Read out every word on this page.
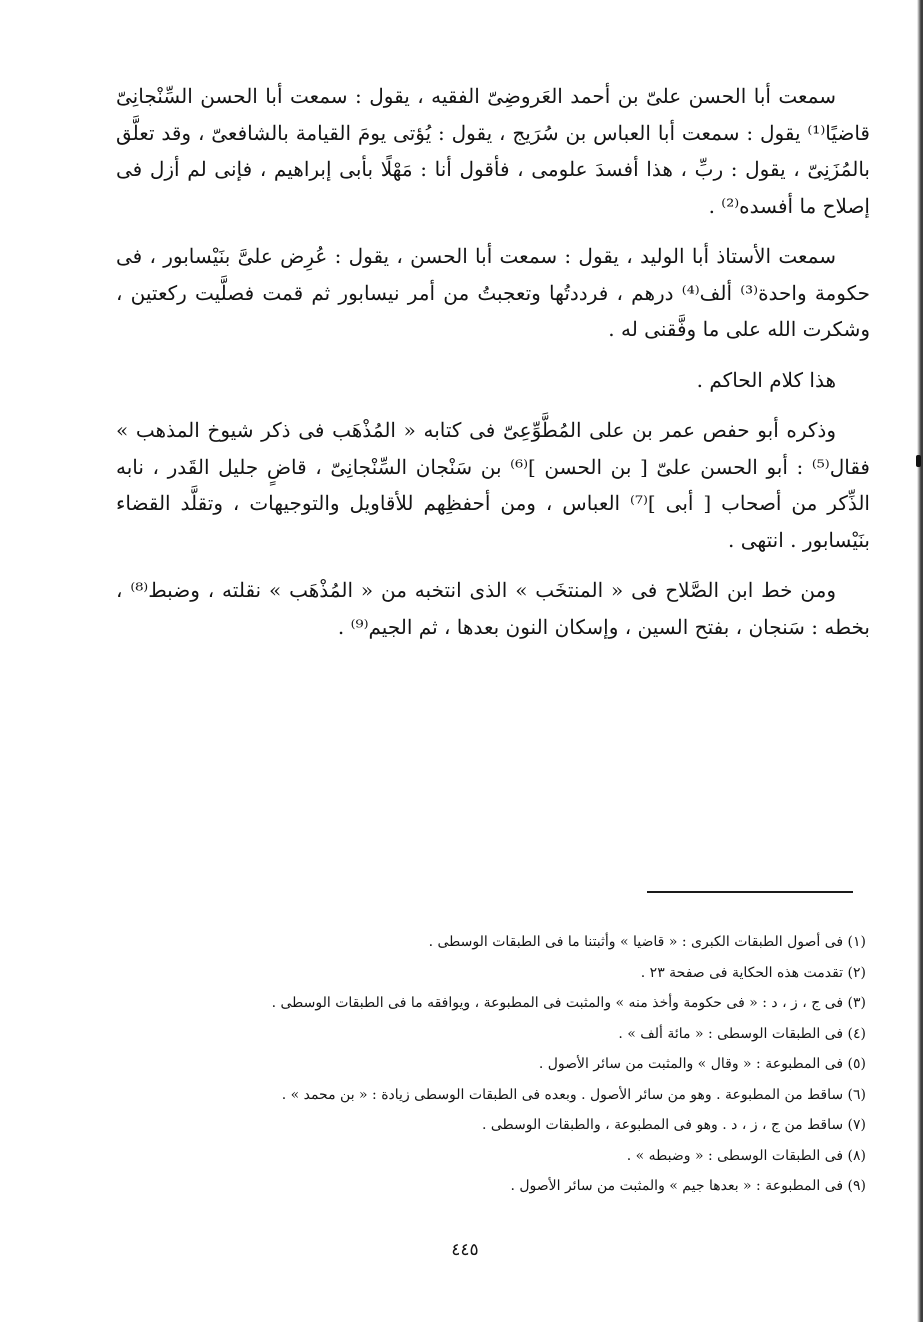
سمعت أبا الحسن علىّ بن أحمد العَروضِىّ الفقيه ، يقول : سمعت أبا الحسن السِّنْجانِىّ قاضيًا⁽¹⁾ يقول : سمعت أبا العباس بن سُرَيج ، يقول : يُؤتى يومَ القيامة بالشافعىّ ، وقد تعلَّق بالمُزَنِىّ ، يقول : ربِّ ، هذا أفسدَ علومى ، فأقول أنا : مَهْلًا بأبى إبراهيم ، فإنى لم أزل فى إصلاح ما أفسده⁽²⁾ .

سمعت الأستاذ أبا الوليد ، يقول : سمعت أبا الحسن ، يقول : عُرِض علىَّ بنَيْسابور ، فى حكومة واحدة⁽³⁾ ألف⁽⁴⁾ درهم ، فرددتُها وتعجبتُ من أمر نيسابور ثم قمت فصلَّيت ركعتين ، وشكرت الله على ما وفَّقنى له .

هذا كلام الحاكم .

وذكره أبو حفص عمر بن على المُطَّوِّعِىّ فى كتابه « المُذْهَب فى ذكر شيوخ المذهب » فقال⁽⁵⁾ : أبو الحسن علىّ [ بن الحسن ]⁽⁶⁾ بن سَنْجان السِّنْجانِىّ ، قاضٍ جليل القَدر ، نابه الذِّكر من أصحاب [ أبى ]⁽⁷⁾ العباس ، ومن أحفظِهم للأقاويل والتوجيهات ، وتقلَّد القضاء بنَيْسابور . انتهى .

ومن خط ابن الصَّلاح فى « المنتخَب » الذى انتخبه من « المُذْهَب » نقلته ، وضبط⁽⁸⁾ ، بخطه : سَنجان ، بفتح السين ، وإسكان النون بعدها ، ثم الجيم⁽⁹⁾ .

(١) فى أصول الطبقات الكبرى : « قاضيا » وأثبتنا ما فى الطبقات الوسطى .

(٢) تقدمت هذه الحكاية فى صفحة ٢٣ .

(٣) فى ج ، ز ، د : « فى حكومة وأخذ منه » والمثبت فى المطبوعة ، ويوافقه ما فى الطبقات الوسطى .

(٤) فى الطبقات الوسطى : « مائة ألف » .

(٥) فى المطبوعة : « وقال » والمثبت من سائر الأصول .

(٦) ساقط من المطبوعة . وهو من سائر الأصول . وبعده فى الطبقات الوسطى زيادة : « بن محمد » .

(٧) ساقط من ج ، ز ، د . وهو فى المطبوعة ، والطبقات الوسطى .

(٨) فى الطبقات الوسطى : « وضبطه » .

(٩) فى المطبوعة : « بعدها جيم » والمثبت من سائر الأصول .

٤٤٥
